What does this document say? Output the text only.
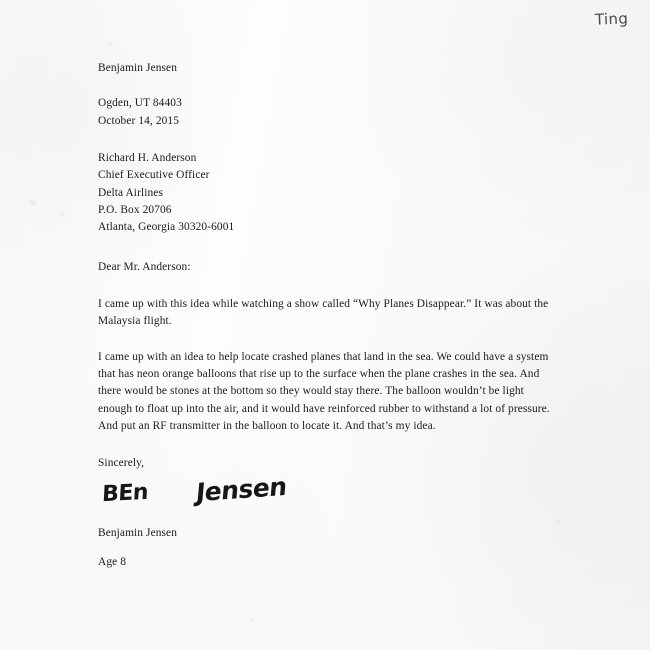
Ting
Benjamin Jensen
Ogden, UT 84403
October 14, 2015
Richard H. Anderson
Chief Executive Officer
Delta Airlines
P.O. Box 20706
Atlanta, Georgia 30320-6001
Dear Mr. Anderson:

I came up with this idea while watching a show called “Why Planes Disappear.” It was about the Malaysia flight.

I came up with an idea to help locate crashed planes that land in the sea. We could have a system that has neon orange balloons that rise up to the surface when the plane crashes in the sea. And there would be stones at the bottom so they would stay there. The balloon wouldn’t be light enough to float up into the air, and it would have reinforced rubber to withstand a lot of pressure. And put an RF transmitter in the balloon to locate it. And that’s my idea.

Sincerely,
BEn Jensen
Benjamin Jensen
Age 8
